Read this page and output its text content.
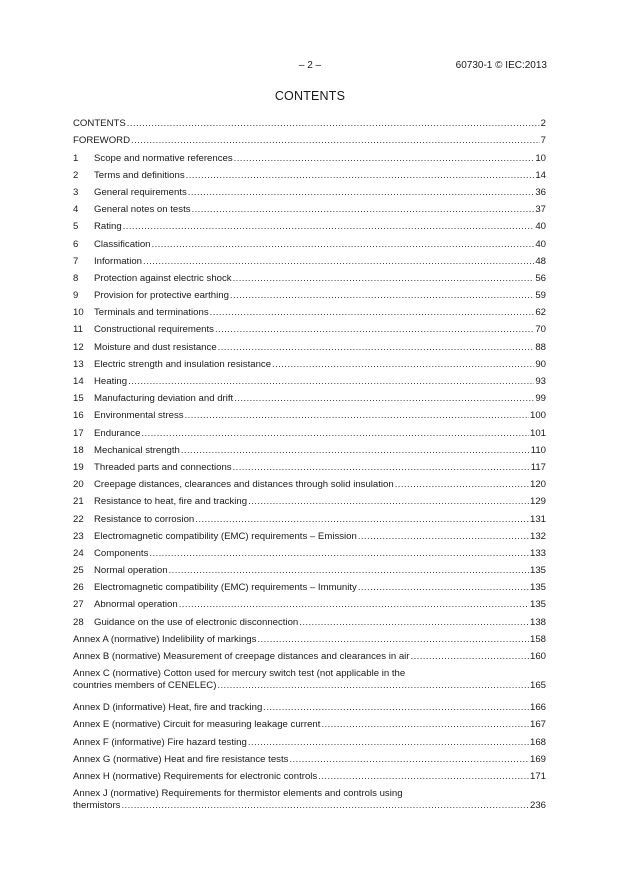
– 2 –	60730-1 © IEC:2013
CONTENTS
CONTENTS .....	2
FOREWORD .....	7
1	Scope and normative references .....	10
2	Terms and definitions .....	14
3	General requirements .....	36
4	General notes on tests .....	37
5	Rating .....	40
6	Classification .....	40
7	Information .....	48
8	Protection against electric shock .....	56
9	Provision for protective earthing .....	59
10	Terminals and terminations .....	62
11	Constructional requirements .....	70
12	Moisture and dust resistance .....	88
13	Electric strength and insulation resistance .....	90
14	Heating .....	93
15	Manufacturing deviation and drift .....	99
16	Environmental stress .....	100
17	Endurance .....	101
18	Mechanical strength .....	110
19	Threaded parts and connections .....	117
20	Creepage distances, clearances and distances through solid insulation .....	120
21	Resistance to heat, fire and tracking .....	129
22	Resistance to corrosion .....	131
23	Electromagnetic compatibility (EMC) requirements – Emission .....	132
24	Components .....	133
25	Normal operation .....	135
26	Electromagnetic compatibility (EMC) requirements – Immunity .....	135
27	Abnormal operation .....	135
28	Guidance on the use of electronic disconnection .....	138
Annex A (normative) Indelibility of markings .....	158
Annex B (normative) Measurement of creepage distances and clearances in air .....	160
Annex C (normative) Cotton used for mercury switch test (not applicable in the
countries members of CENELEC) .....	165
Annex D (informative) Heat, fire and tracking .....	166
Annex E (normative) Circuit for measuring leakage current .....	167
Annex F (informative) Fire hazard testing .....	168
Annex G (normative) Heat and fire resistance tests .....	169
Annex H (normative) Requirements for electronic controls .....	171
Annex J (normative) Requirements for thermistor elements and controls using
thermistors .....	236
